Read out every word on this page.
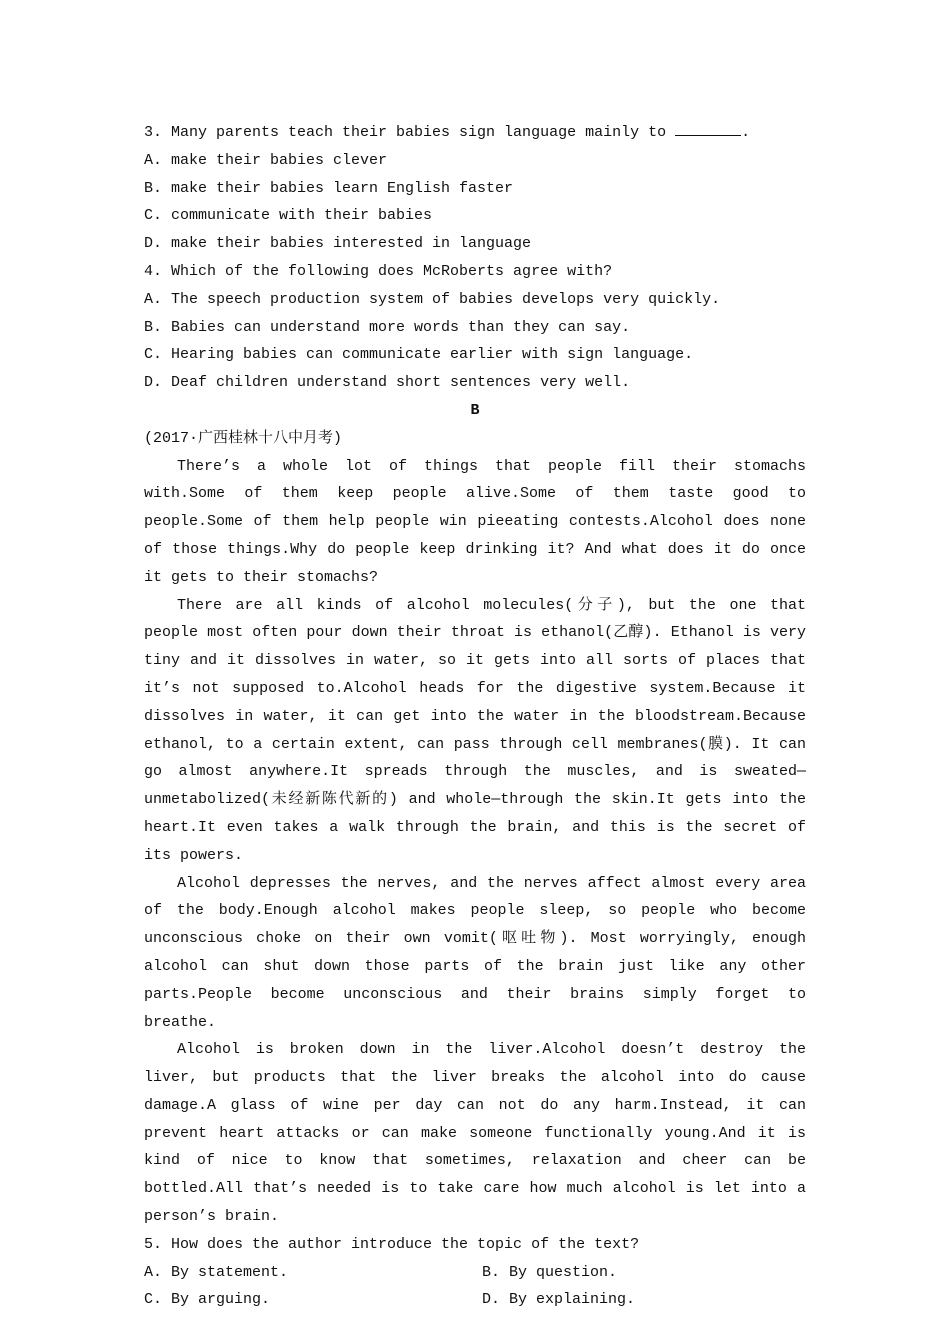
3. Many parents teach their babies sign language mainly to	.
A. make their babies clever
B. make their babies learn English faster
C. communicate with their babies
D. make their babies interested in language
4. Which of the following does McRoberts agree with?
A. The speech production system of babies develops very quickly.
B. Babies can understand more words than they can say.
C. Hearing babies can communicate earlier with sign language.
D. Deaf children understand short sentences very well.
B
(2017·广西桂林十八中月考)

There’s a whole lot of things that people fill their stomachs with.Some of them keep people alive.Some of them taste good to people.Some of them help people win pieeating contests.Alcohol does none of those things.Why do people keep drinking it? And what does it do once it gets to their stomachs?

There are all kinds of alcohol molecules(分子), but the one that people most often pour down their throat is ethanol(乙醇). Ethanol is very tiny and it dissolves in water, so it gets into all sorts of places that it’s not supposed to.Alcohol heads for the digestive system.Because it dissolves in water, it can get into the water in the bloodstream.Because ethanol, to a certain extent, can pass through cell membranes(膜). It can go almost anywhere.It spreads through the muscles, and is sweated—unmetabolized(未经新陈代新的) and whole—through the skin.It gets into the heart.It even takes a walk through the brain, and this is the secret of its powers.

Alcohol depresses the nerves, and the nerves affect almost every area of the body.Enough alcohol makes people sleep, so people who become unconscious choke on their own vomit(呕吐物). Most worryingly, enough alcohol can shut down those parts of the brain just like any other parts.People become unconscious and their brains simply forget to breathe.

Alcohol is broken down in the liver.Alcohol doesn’t destroy the liver, but products that the liver breaks the alcohol into do cause damage.A glass of wine per day can not do any harm.Instead, it can prevent heart attacks or can make someone functionally young.And it is kind of nice to know that sometimes, relaxation and cheer can be bottled.All that’s needed is to take care how much alcohol is let into a person’s brain.

5. How does the author introduce the topic of the text?
A. By statement.	B. By question.
C. By arguing.	D. By explaining.
